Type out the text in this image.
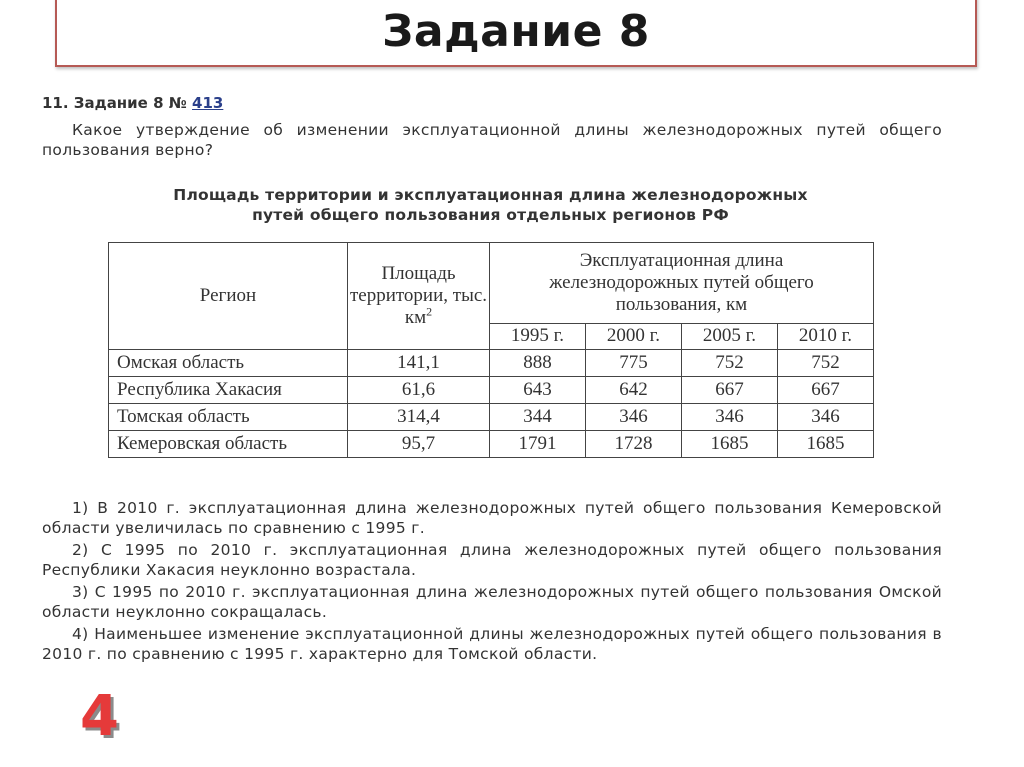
Задание 8
11. Задание 8 № 413
Какое утверждение об изменении эксплуатационной длины железнодорожных путей общего пользования верно?
Площадь территории и эксплуатационная длина железнодорожных
путей общего пользования отдельных регионов РФ
Регион	Площадь территории, тыс. $км^2$	Эксплуатационная длина железнодорожных путей общего пользования, км			
		1995 г.	2000 г.	2005 г.	2010 г.
Омская область	141,1	888	775	752	752
Республика Хакасия	61,6	643	642	667	667
Томская область	314,4	344	346	346	346
Кемеровская область	95,7	1791	1728	1685	1685

1) В 2010 г. эксплуатационная длина железнодорожных путей общего пользования Кемеровской области увеличилась по сравнению с 1995 г.

2) С 1995 по 2010 г. эксплуатационная длина железнодорожных путей общего пользования Республики Хакасия неуклонно возрастала.

3) С 1995 по 2010 г. эксплуатационная длина железнодорожных путей общего пользования Омской области неуклонно сокращалась.

4) Наименьшее изменение эксплуатационной длины железнодорожных путей общего пользования в 2010 г. по сравнению с 1995 г. характерно для Томской области.

4
